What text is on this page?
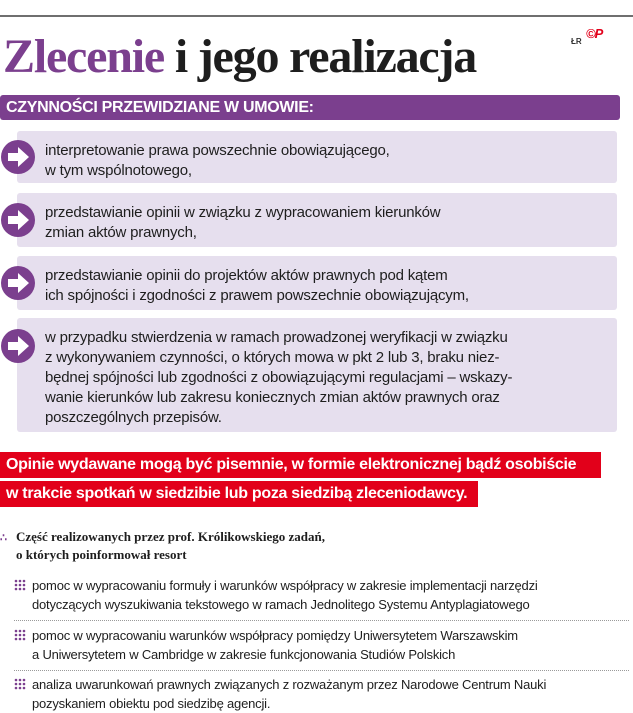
Zlecenie i jego realizacja	ŁR
©P
CZYNNOŚCI PRZEWIDZIANE W UMOWIE:
interpretowanie prawa powszechnie obowiązującego,
w tym wspólnotowego,
przedstawianie opinii w związku z wypracowaniem kierunków
zmian aktów prawnych,
przedstawianie opinii do projektów aktów prawnych pod kątem
ich spójności i zgodności z prawem powszechnie obowiązującym,
w przypadku stwierdzenia w ramach prowadzonej weryfikacji w związku
z wykonywaniem czynności, o których mowa w pkt 2 lub 3, braku niez-
będnej spójności lub zgodności z obowiązującymi regulacjami – wskazy-
wanie kierunków lub zakresu koniecznych zmian aktów prawnych oraz
poszczególnych przepisów.
Opinie wydawane mogą być pisemnie, w formie elektronicznej bądź osobiście
w trakcie spotkań w siedzibie lub poza siedzibą zleceniodawcy.
∴ Część realizowanych przez prof. Królikowskiego zadań,
o których poinformował resort
pomoc w wypracowaniu formuły i warunków współpracy w zakresie implementacji narzędzi
dotyczących wyszukiwania tekstowego w ramach Jednolitego Systemu Antyplagiatowego
pomoc w wypracowaniu warunków współpracy pomiędzy Uniwersytetem Warszawskim
a Uniwersytetem w Cambridge w zakresie funkcjonowania Studiów Polskich
analiza uwarunkowań prawnych związanych z rozważanym przez Narodowe Centrum Nauki
pozyskaniem obiektu pod siedzibę agencji.
